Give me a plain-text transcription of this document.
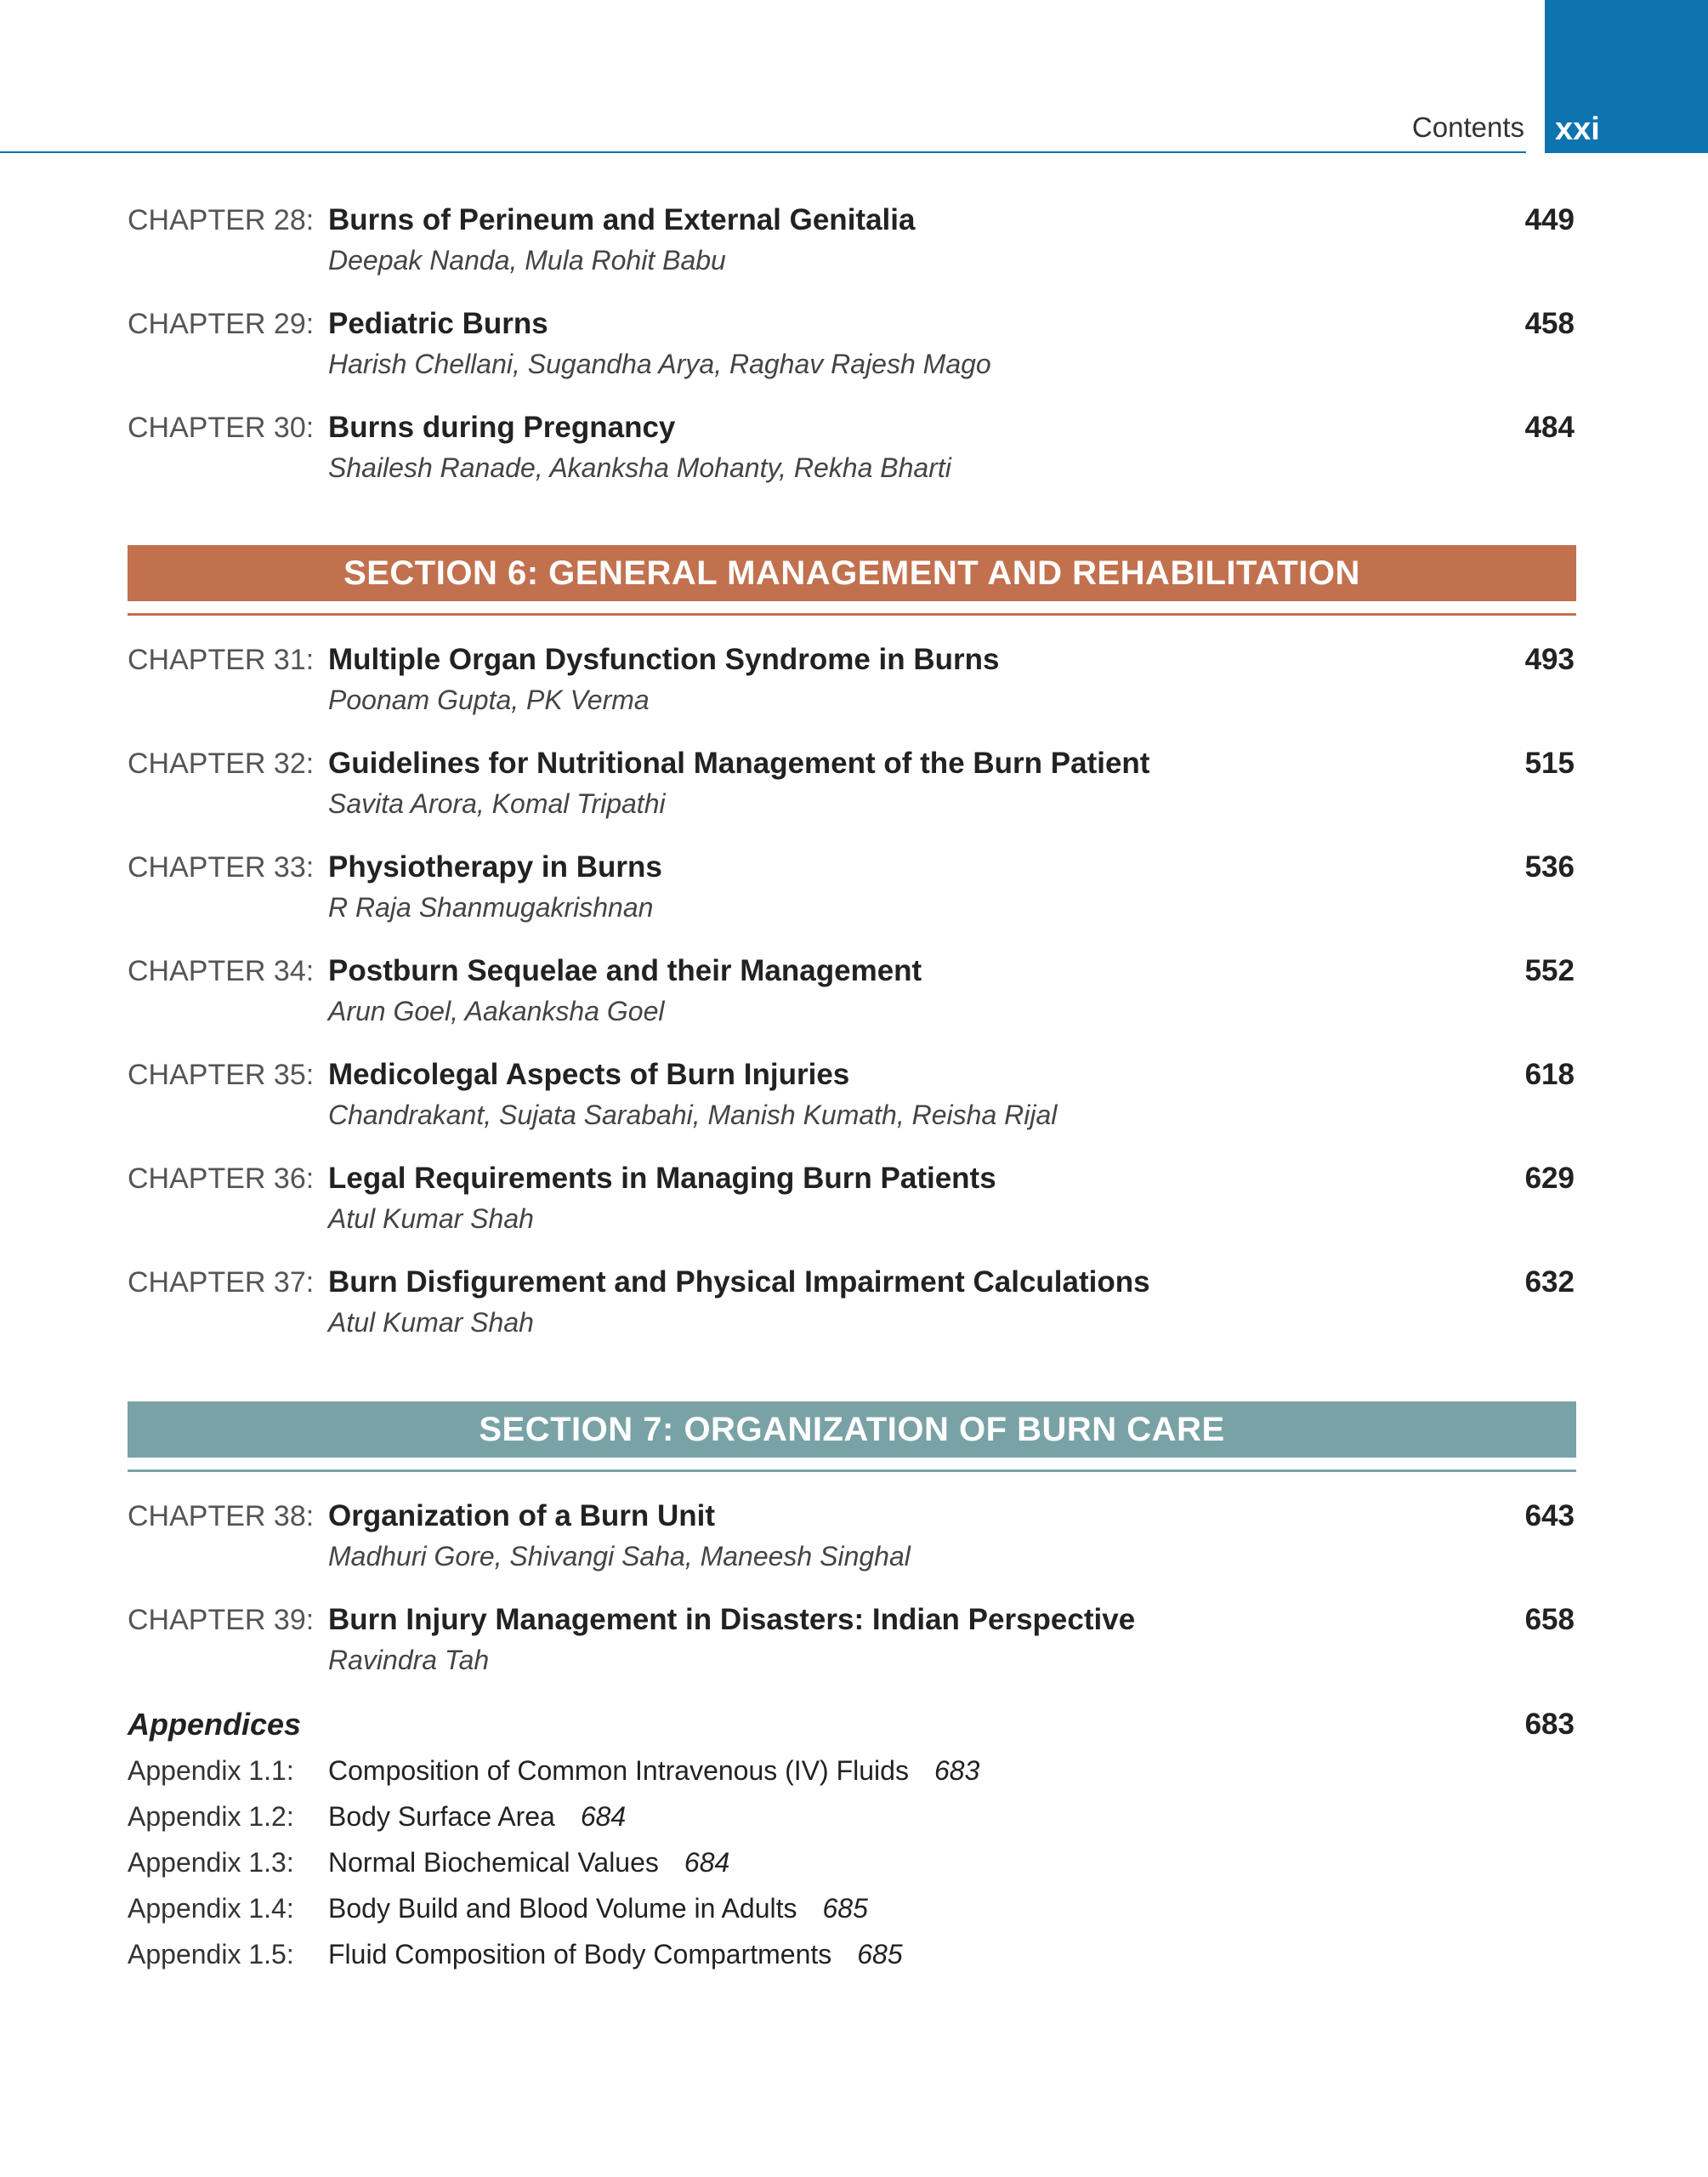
Contents xxi
CHAPTER 28: Burns of Perineum and External Genitalia
Deepak Nanda, Mula Rohit Babu
449
CHAPTER 29: Pediatric Burns
Harish Chellani, Sugandha Arya, Raghav Rajesh Mago
458
CHAPTER 30: Burns during Pregnancy
Shailesh Ranade, Akanksha Mohanty, Rekha Bharti
484
SECTION 6: GENERAL MANAGEMENT AND REHABILITATION
CHAPTER 31: Multiple Organ Dysfunction Syndrome in Burns
Poonam Gupta, PK Verma
493
CHAPTER 32: Guidelines for Nutritional Management of the Burn Patient
Savita Arora, Komal Tripathi
515
CHAPTER 33: Physiotherapy in Burns
R Raja Shanmugakrishnan
536
CHAPTER 34: Postburn Sequelae and their Management
Arun Goel, Aakanksha Goel
552
CHAPTER 35: Medicolegal Aspects of Burn Injuries
Chandrakant, Sujata Sarabahi, Manish Kumath, Reisha Rijal
618
CHAPTER 36: Legal Requirements in Managing Burn Patients
Atul Kumar Shah
629
CHAPTER 37: Burn Disfigurement and Physical Impairment Calculations
Atul Kumar Shah
632
SECTION 7: ORGANIZATION OF BURN CARE
CHAPTER 38: Organization of a Burn Unit
Madhuri Gore, Shivangi Saha, Maneesh Singhal
643
CHAPTER 39: Burn Injury Management in Disasters: Indian Perspective
Ravindra Tah
658
Appendices	683
Appendix 1.1: Composition of Common Intravenous (IV) Fluids 683
Appendix 1.2: Body Surface Area 684
Appendix 1.3: Normal Biochemical Values 684
Appendix 1.4: Body Build and Blood Volume in Adults 685
Appendix 1.5: Fluid Composition of Body Compartments 685
